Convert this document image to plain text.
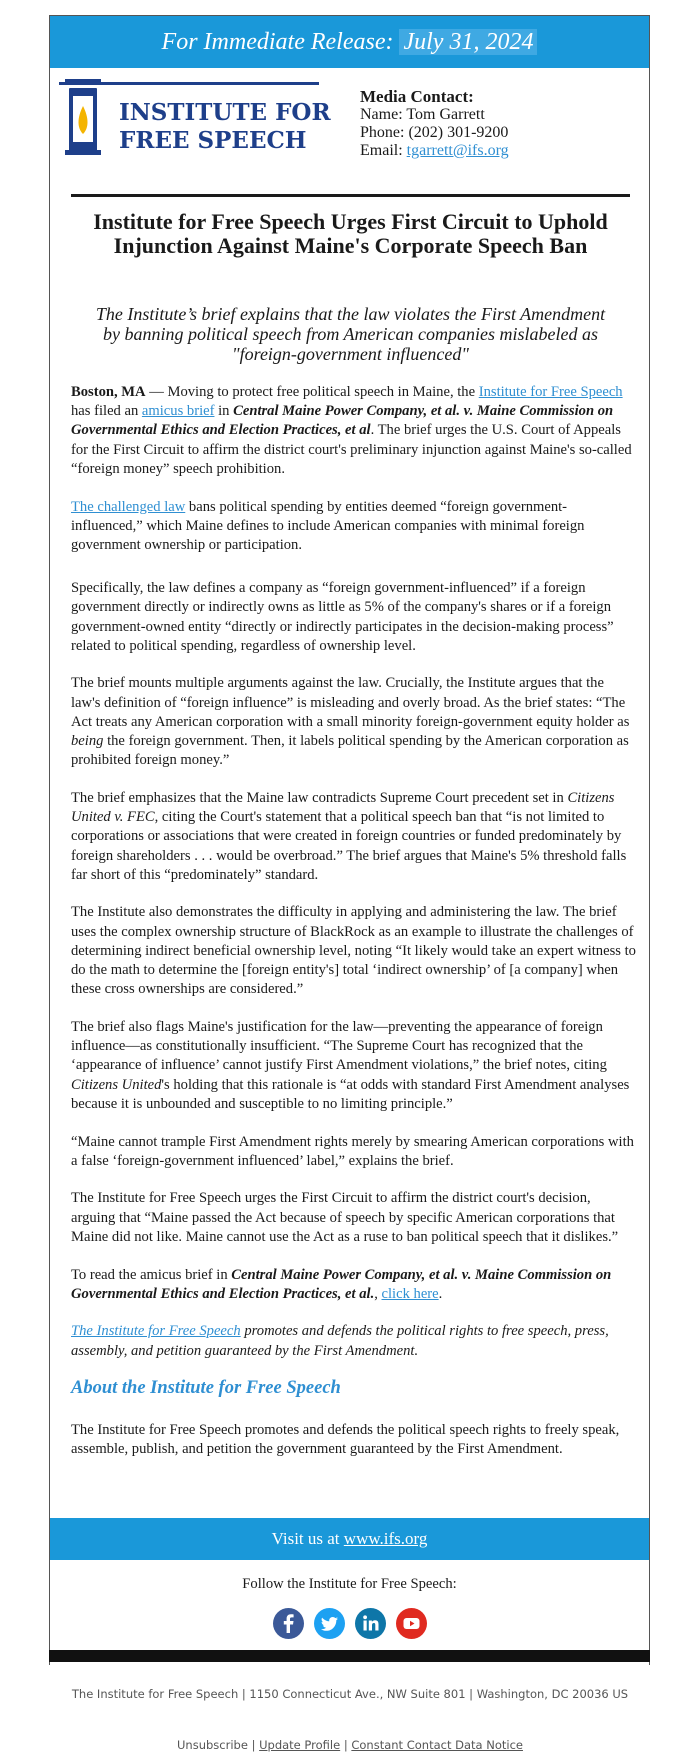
For Immediate Release: July 31, 2024
INSTITUTE FOR
FREE SPEECH
Media Contact:
Name: Tom Garrett
Phone: (202) 301-9200
Email: tgarrett@ifs.org
Institute for Free Speech Urges First Circuit to Uphold Injunction Against Maine's Corporate Speech Ban
The Institute’s brief explains that the law violates the First Amendment by banning political speech from American companies mislabeled as "foreign-government influenced"

Boston, MA — Moving to protect free political speech in Maine, the Institute for Free Speech has filed an amicus brief in Central Maine Power Company, et al. v. Maine Commission on Governmental Ethics and Election Practices, et al. The brief urges the U.S. Court of Appeals for the First Circuit to affirm the district court's preliminary injunction against Maine's so-called “foreign money” speech prohibition.

The challenged law bans political spending by entities deemed “foreign government-influenced,” which Maine defines to include American companies with minimal foreign government ownership or participation.

Specifically, the law defines a company as “foreign government-influenced” if a foreign government directly or indirectly owns as little as 5% of the company's shares or if a foreign government-owned entity “directly or indirectly participates in the decision-making process” related to political spending, regardless of ownership level.

The brief mounts multiple arguments against the law. Crucially, the Institute argues that the law's definition of “foreign influence” is misleading and overly broad. As the brief states: “The Act treats any American corporation with a small minority foreign-government equity holder as being the foreign government. Then, it labels political spending by the American corporation as prohibited foreign money.”

The brief emphasizes that the Maine law contradicts Supreme Court precedent set in Citizens United v. FEC, citing the Court's statement that a political speech ban that “is not limited to corporations or associations that were created in foreign countries or funded predominately by foreign shareholders . . . would be overbroad.” The brief argues that Maine's 5% threshold falls far short of this “predominately” standard.

The Institute also demonstrates the difficulty in applying and administering the law. The brief uses the complex ownership structure of BlackRock as an example to illustrate the challenges of determining indirect beneficial ownership level, noting “It likely would take an expert witness to do the math to determine the [foreign entity's] total ‘indirect ownership’ of [a company] when these cross ownerships are considered.”

The brief also flags Maine's justification for the law—preventing the appearance of foreign influence—as constitutionally insufficient. “The Supreme Court has recognized that the ‘appearance of influence’ cannot justify First Amendment violations,” the brief notes, citing Citizens United's holding that this rationale is “at odds with standard First Amendment analyses because it is unbounded and susceptible to no limiting principle.”

“Maine cannot trample First Amendment rights merely by smearing American corporations with a false ‘foreign-government influenced’ label,” explains the brief.

The Institute for Free Speech urges the First Circuit to affirm the district court's decision, arguing that “Maine passed the Act because of speech by specific American corporations that Maine did not like. Maine cannot use the Act as a ruse to ban political speech that it dislikes.”

To read the amicus brief in Central Maine Power Company, et al. v. Maine Commission on Governmental Ethics and Election Practices, et al., click here.

The Institute for Free Speech promotes and defends the political rights to free speech, press, assembly, and petition guaranteed by the First Amendment.

About the Institute for Free Speech

The Institute for Free Speech promotes and defends the political speech rights to freely speak, assemble, publish, and petition the government guaranteed by the First Amendment.

Visit us at www.ifs.org
Follow the Institute for Free Speech:

The Institute for Free Speech | 1150 Connecticut Ave., NW Suite 801 | Washington, DC 20036 US
Unsubscribe | Update Profile | Constant Contact Data Notice
